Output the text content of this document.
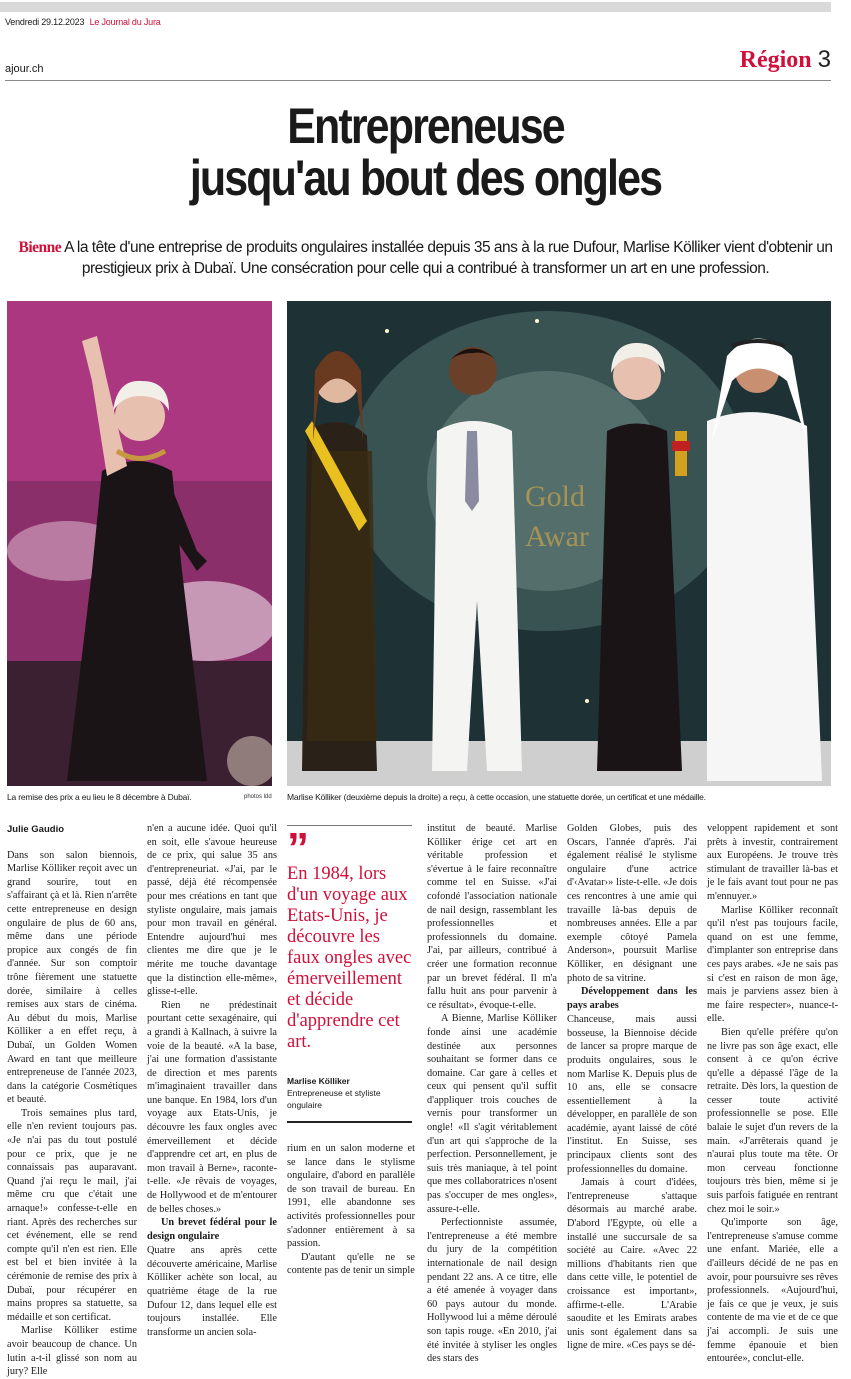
Vendredi 29.12.2023 Le Journal du Jura
ajour.ch	Région 3
Entrepreneuse
jusqu'au bout des ongles
Bienne A la tête d'une entreprise de produits ongulaires installée depuis 35 ans à la rue Dufour, Marlise Kölliker vient d'obtenir un prestigieux prix à Dubaï. Une consécration pour celle qui a contribué à transformer un art en une profession.
Gold
Awar
La remise des prix a eu lieu le 8 décembre à Dubaï.	photos ldd Marlise Kölliker (deuxième depuis la droite) a reçu, à cette occasion, une statuette dorée, un certificat et une médaille.
Julie Gaudio

Dans son salon biennois, Marlise Kölliker reçoit avec un grand sourire, tout en s'affairant çà et là. Rien n'arrête cette entrepreneuse en design ongulaire de plus de 60 ans, même dans une période propice aux congés de fin d'année. Sur son comptoir trône fièrement une statuette dorée, similaire à celles remises aux stars de cinéma. Au début du mois, Marlise Kölliker a en effet reçu, à Dubaï, un Golden Women Award en tant que meilleure entrepreneuse de l'année 2023, dans la catégorie Cosmétiques et beauté.

Trois semaines plus tard, elle n'en revient toujours pas. «Je n'ai pas du tout postulé pour ce prix, que je ne connaissais pas auparavant. Quand j'ai reçu le mail, j'ai même cru que c'était une arnaque!» confesse-t-elle en riant. Après des recherches sur cet événement, elle se rend compte qu'il n'en est rien. Elle est bel et bien invitée à la cérémonie de remise des prix à Dubaï, pour récupérer en mains propres sa statuette, sa médaille et son certificat.

Marlise Kölliker estime avoir beaucoup de chance. Un lutin a-t-il glissé son nom au jury? Elle

n'en a aucune idée. Quoi qu'il en soit, elle s'avoue heureuse de ce prix, qui salue 35 ans d'entrepreneuriat. «J'ai, par le passé, déjà été récompensée pour mes créations en tant que styliste ongulaire, mais jamais pour mon travail en général. Entendre aujourd'hui mes clientes me dire que je le mérite me touche davantage que la distinction elle-même», glisse-t-elle.

Rien ne prédestinait pourtant cette sexagénaire, qui a grandi à Kallnach, à suivre la voie de la beauté. «A la base, j'ai une formation d'assistante de direction et mes parents m'imaginaient travailler dans une banque. En 1984, lors d'un voyage aux Etats-Unis, je découvre les faux ongles avec émerveillement et décide d'apprendre cet art, en plus de mon travail à Berne», raconte-t-elle. «Je rêvais de voyages, de Hollywood et de m'entourer de belles choses.»

Un brevet fédéral pour le design ongulaire

Quatre ans après cette découverte américaine, Marlise Kölliker achète son local, au quatrième étage de la rue Dufour 12, dans lequel elle est toujours installée. Elle transforme un ancien sola-

”
En 1984, lors d'un voyage aux Etats-Unis, je découvre les faux ongles avec émerveillement et décide d'apprendre cet art.
Marlise Kölliker
Entrepreneuse et styliste ongulaire

rium en un salon moderne et se lance dans le stylisme ongulaire, d'abord en parallèle de son travail de bureau. En 1991, elle abandonne ses activités professionnelles pour s'adonner entièrement à sa passion.

D'autant qu'elle ne se contente pas de tenir un simple

institut de beauté. Marlise Kölliker érige cet art en véritable profession et s'évertue à le faire reconnaître comme tel en Suisse. «J'ai cofondé l'association nationale de nail design, rassemblant les professionnelles et professionnels du domaine. J'ai, par ailleurs, contribué à créer une formation reconnue par un brevet fédéral. Il m'a fallu huit ans pour parvenir à ce résultat», évoque-t-elle.

A Bienne, Marlise Kölliker fonde ainsi une académie destinée aux personnes souhaitant se former dans ce domaine. Car gare à celles et ceux qui pensent qu'il suffit d'appliquer trois couches de vernis pour transformer un ongle! «Il s'agit véritablement d'un art qui s'approche de la perfection. Personnellement, je suis très maniaque, à tel point que mes collaboratrices n'osent pas s'occuper de mes ongles», assure-t-elle.

Perfectionniste assumée, l'entrepreneuse a été membre du jury de la compétition internationale de nail design pendant 22 ans. A ce titre, elle a été amenée à voyager dans 60 pays autour du monde. Hollywood lui a même déroulé son tapis rouge. «En 2010, j'ai été invitée à styliser les ongles des stars des

Golden Globes, puis des Oscars, l'année d'après. J'ai également réalisé le stylisme ongulaire d'une actrice d'‹Avatar›» liste-t-elle. «Je dois ces rencontres à une amie qui travaille là-bas depuis de nombreuses années. Elle a par exemple côtoyé Pamela Anderson», poursuit Marlise Kölliker, en désignant une photo de sa vitrine.

Développement dans les pays arabes

Chanceuse, mais aussi bosseuse, la Biennoise décide de lancer sa propre marque de produits ongulaires, sous le nom Marlise K. Depuis plus de 10 ans, elle se consacre essentiellement à la développer, en parallèle de son académie, ayant laissé de côté l'institut. En Suisse, ses principaux clients sont des professionnelles du domaine.

Jamais à court d'idées, l'entrepreneuse s'attaque désormais au marché arabe. D'abord l'Egypte, où elle a installé une succursale de sa société au Caire. «Avec 22 millions d'habitants rien que dans cette ville, le potentiel de croissance est important», affirme-t-elle. L'Arabie saoudite et les Emirats arabes unis sont également dans sa ligne de mire. «Ces pays se dé-

veloppent rapidement et sont prêts à investir, contrairement aux Européens. Je trouve très stimulant de travailler là-bas et je le fais avant tout pour ne pas m'ennuyer.»

Marlise Kölliker reconnaît qu'il n'est pas toujours facile, quand on est une femme, d'implanter son entreprise dans ces pays arabes. «Je ne sais pas si c'est en raison de mon âge, mais je parviens assez bien à me faire respecter», nuance-t-elle.

Bien qu'elle préfère qu'on ne livre pas son âge exact, elle consent à ce qu'on écrive qu'elle a dépassé l'âge de la retraite. Dès lors, la question de cesser toute activité professionnelle se pose. Elle balaie le sujet d'un revers de la main. «J'arrêterais quand je n'aurai plus toute ma tête. Or mon cerveau fonctionne toujours très bien, même si je suis parfois fatiguée en rentrant chez moi le soir.»

Qu'importe son âge, l'entrepreneuse s'amuse comme une enfant. Mariée, elle a d'ailleurs décidé de ne pas en avoir, pour poursuivre ses rêves professionnels. «Aujourd'hui, je fais ce que je veux, je suis contente de ma vie et de ce que j'ai accompli. Je suis une femme épanouie et bien entourée», conclut-elle.
